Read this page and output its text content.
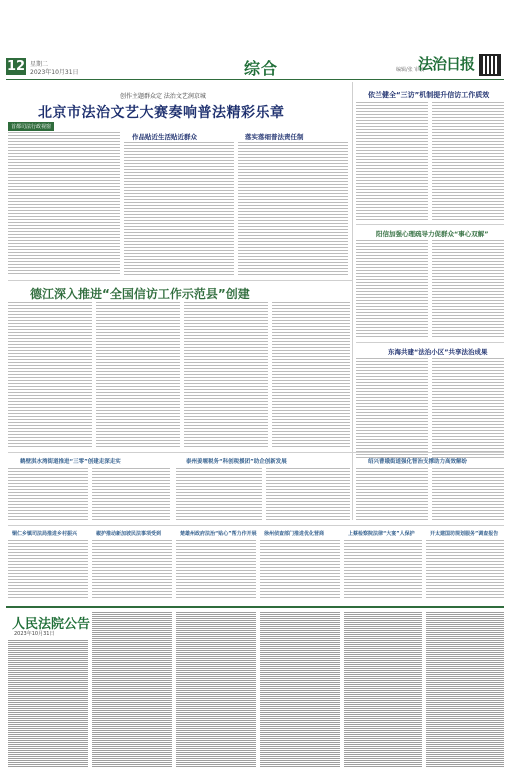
12 星期二
2023年10月31日	综合	编辑/张 审校
法治日报
创作主题群众定 法治文艺润京城
北京市法治文艺大赛奏响普法精彩乐章
首都司法行政视窗
作品贴近生活贴近群众	落实落细普法责任制
依兰健全“三访”机制提升信访工作质效
阳信加强心理疏导力促群众“事心双解”
东海共建“法治小区”共享法治成果
德江深入推进“全国信访工作示范县”创建
鹤壁淇水湾街道推进“三零”创建走深走实	泰州姜堰税务“科创税援团”助企创新发展	绍兴曹娥街道强化智治支撑助力高效解纷
铜仁乡镇司法局推进乡村振兴	椒护推动新加坡民法事项受到	楚雄州政府法治“贴心”帮力作开展 徐州侦查部门推进优化营商	上蔡检察院法律“大宴”人保护	开太建国坊规划服务”调查报告
人民法院公告
2023年10月31日
